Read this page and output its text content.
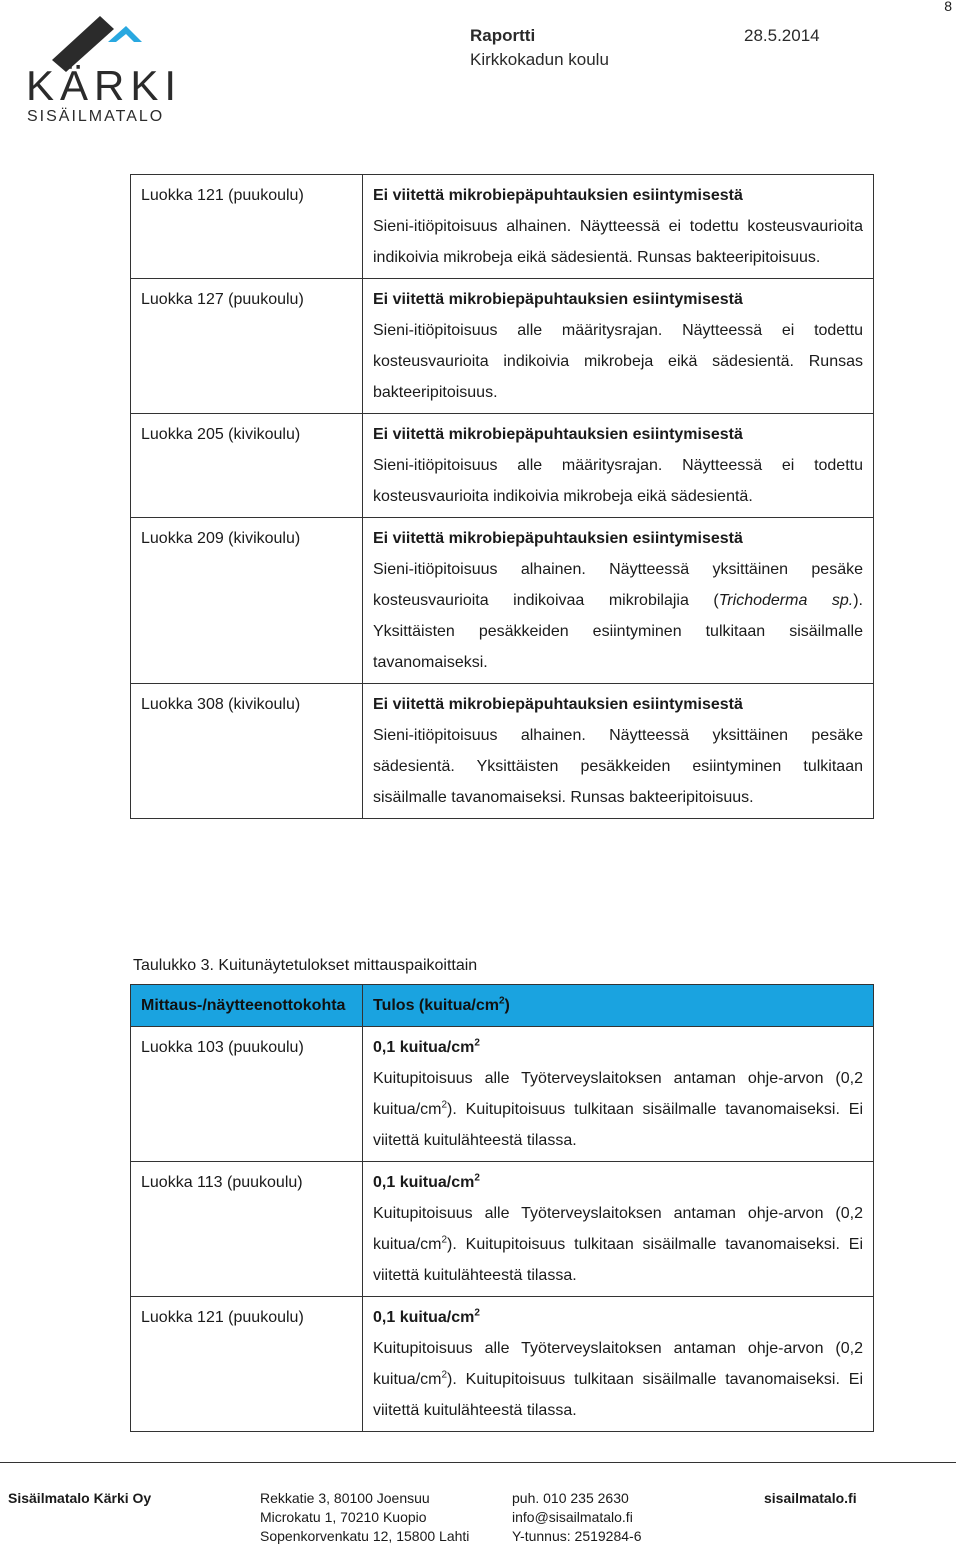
8
KÄRKI
SISÄILMATALO
Raportti	28.5.2014
Kirkkokadun koulu
Luokka 121 (puukoulu)	Ei viitettä mikrobiepäpuhtauksien esiintymisestä
Sieni-itiöpitoisuus alhainen. Näytteessä ei todettu kosteusvaurioita indikoivia mikrobeja eikä sädesientä. Runsas bakteeripitoisuus.

Luokka 127 (puukoulu)	Ei viitettä mikrobiepäpuhtauksien esiintymisestä
Sieni-itiöpitoisuus alle määritysrajan. Näytteessä ei todettu kosteusvaurioita indikoivia mikrobeja eikä sädesientä. Runsas bakteeripitoisuus.

Luokka 205 (kivikoulu)	Ei viitettä mikrobiepäpuhtauksien esiintymisestä
Sieni-itiöpitoisuus alle määritysrajan. Näytteessä ei todettu kosteusvaurioita indikoivia mikrobeja eikä sädesientä.

Luokka 209 (kivikoulu)	Ei viitettä mikrobiepäpuhtauksien esiintymisestä
Sieni-itiöpitoisuus alhainen. Näytteessä yksittäinen pesäke kosteusvaurioita indikoivaa mikrobilajia (Trichoderma sp.). Yksittäisten pesäkkeiden esiintyminen tulkitaan sisäilmalle tavanomaiseksi.

Luokka 308 (kivikoulu)	Ei viitettä mikrobiepäpuhtauksien esiintymisestä
Sieni-itiöpitoisuus alhainen. Näytteessä yksittäinen pesäke sädesientä. Yksittäisten pesäkkeiden esiintyminen tulkitaan sisäilmalle tavanomaiseksi. Runsas bakteeripitoisuus.
Taulukko 3. Kuitunäytetulokset mittauspaikoittain
Mittaus-/näytteenottokohta	Tulos $(kuitua/cm^2)$
Luokka 103 (puukoulu)	0,1 kuitua/$cm^2$
Kuitupitoisuus alle Työterveyslaitoksen antaman ohje-arvon (0,2 kuitua/$cm^2$). Kuitupitoisuus tulkitaan sisäilmalle tavanomaiseksi. Ei viitettä kuitulähteestä tilassa.

Luokka 113 (puukoulu)	0,1 kuitua/$cm^2$
Kuitupitoisuus alle Työterveyslaitoksen antaman ohje-arvon (0,2 kuitua/$cm^2$). Kuitupitoisuus tulkitaan sisäilmalle tavanomaiseksi. Ei viitettä kuitulähteestä tilassa.

Luokka 121 (puukoulu)	0,1 kuitua/$cm^2$
Kuitupitoisuus alle Työterveyslaitoksen antaman ohje-arvon (0,2 kuitua/$cm^2$). Kuitupitoisuus tulkitaan sisäilmalle tavanomaiseksi. Ei viitettä kuitulähteestä tilassa.
Sisäilmatalo Kärki Oy	Rekkatie 3, 80100 Joensuu
Microkatu 1, 70210 Kuopio
Sopenkorvenkatu 12, 15800 Lahti
puh. 010 235 2630
info@sisailmatalo.fi
Y-tunnus: 2519284-6
sisailmatalo.fi
